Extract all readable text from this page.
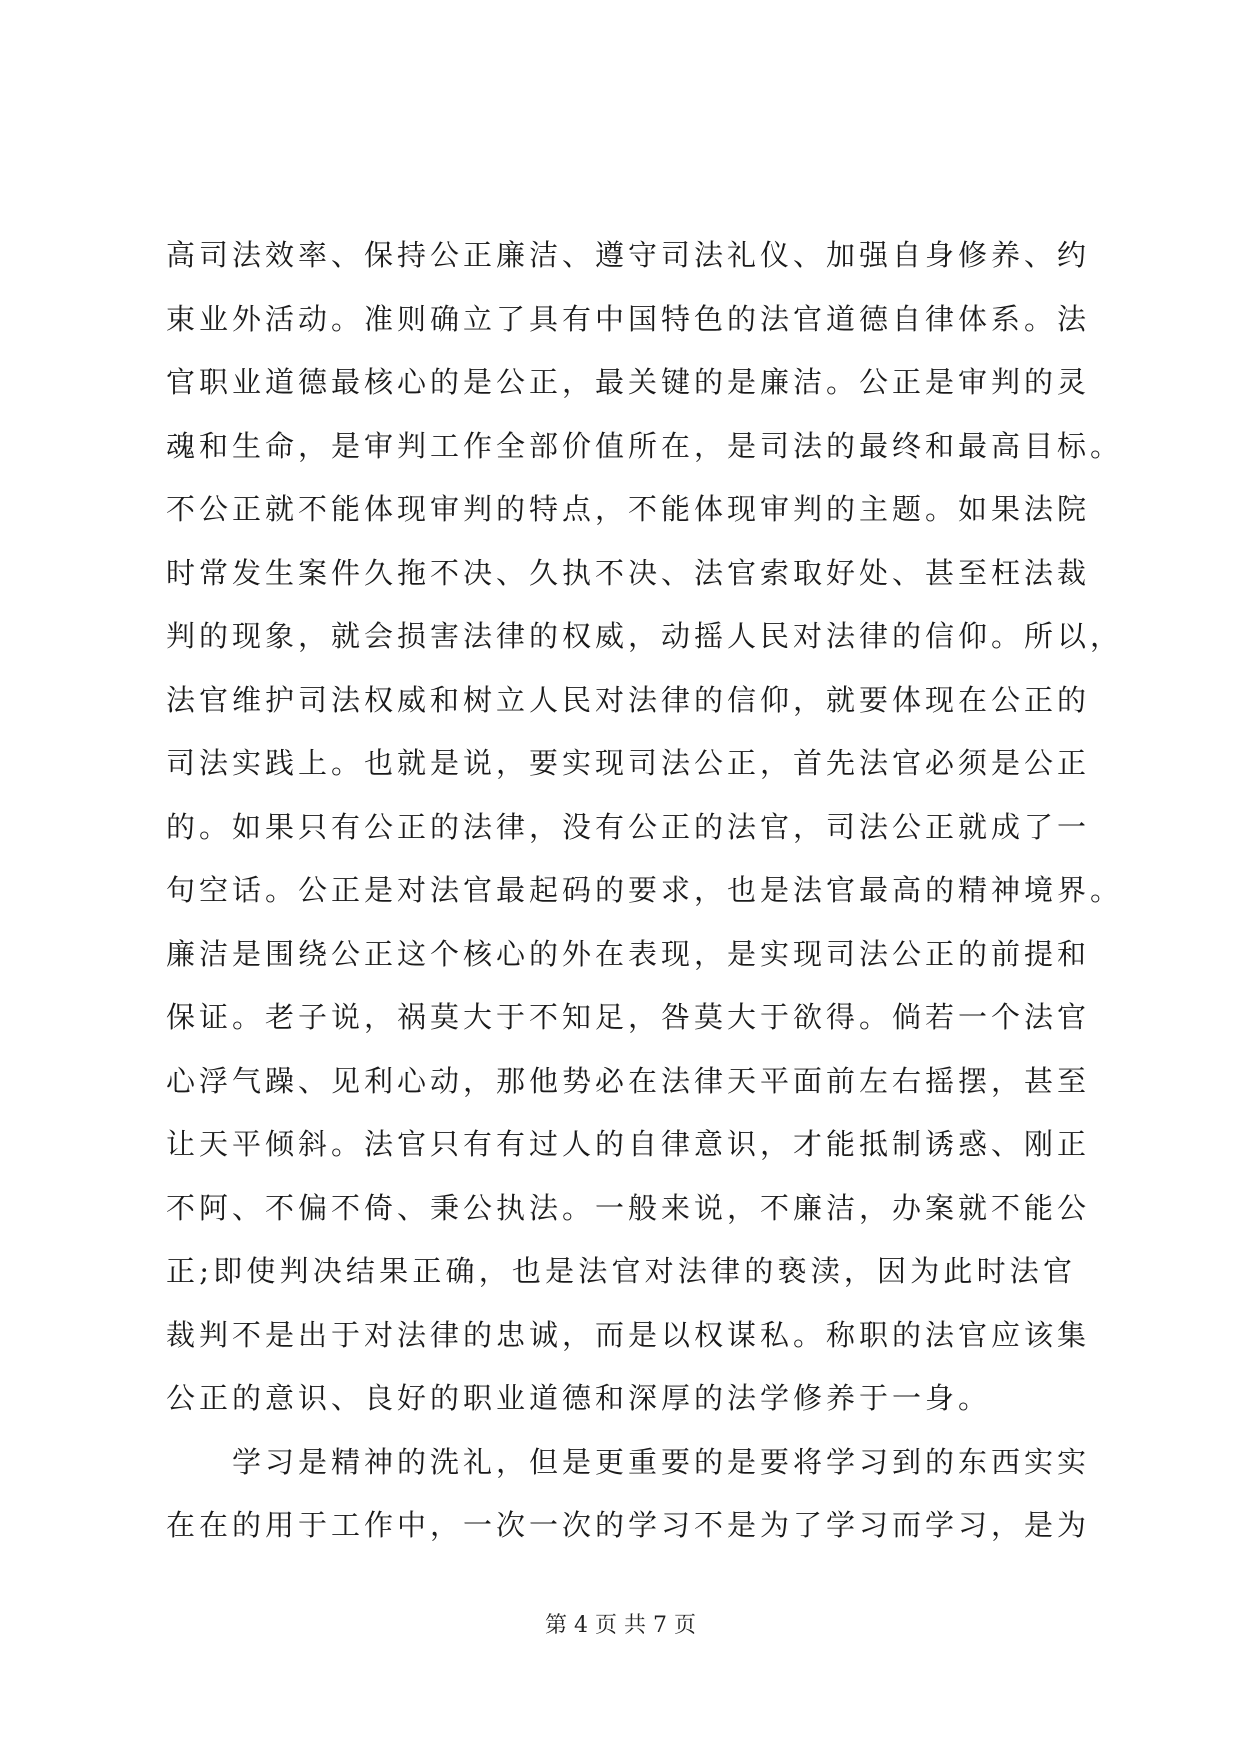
高司法效率、保持公正廉洁、遵守司法礼仪、加强自身修养、约
束业外活动。准则确立了具有中国特色的法官道德自律体系。法
官职业道德最核心的是公正，最关键的是廉洁。公正是审判的灵
魂和生命，是审判工作全部价值所在，是司法的最终和最高目标。
不公正就不能体现审判的特点，不能体现审判的主题。如果法院
时常发生案件久拖不决、久执不决、法官索取好处、甚至枉法裁
判的现象，就会损害法律的权威，动摇人民对法律的信仰。所以，
法官维护司法权威和树立人民对法律的信仰，就要体现在公正的
司法实践上。也就是说，要实现司法公正，首先法官必须是公正
的。如果只有公正的法律，没有公正的法官，司法公正就成了一
句空话。公正是对法官最起码的要求，也是法官最高的精神境界。
廉洁是围绕公正这个核心的外在表现，是实现司法公正的前提和
保证。老子说，祸莫大于不知足，咎莫大于欲得。倘若一个法官
心浮气躁、见利心动，那他势必在法律天平面前左右摇摆，甚至
让天平倾斜。法官只有有过人的自律意识，才能抵制诱惑、刚正
不阿、不偏不倚、秉公执法。一般来说，不廉洁，办案就不能公
正;即使判决结果正确，也是法官对法律的亵渎，因为此时法官
裁判不是出于对法律的忠诚，而是以权谋私。称职的法官应该集
公正的意识、良好的职业道德和深厚的法学修养于一身。
　　学习是精神的洗礼，但是更重要的是要将学习到的东西实实
在在的用于工作中，一次一次的学习不是为了学习而学习，是为
第 4 页 共 7 页
